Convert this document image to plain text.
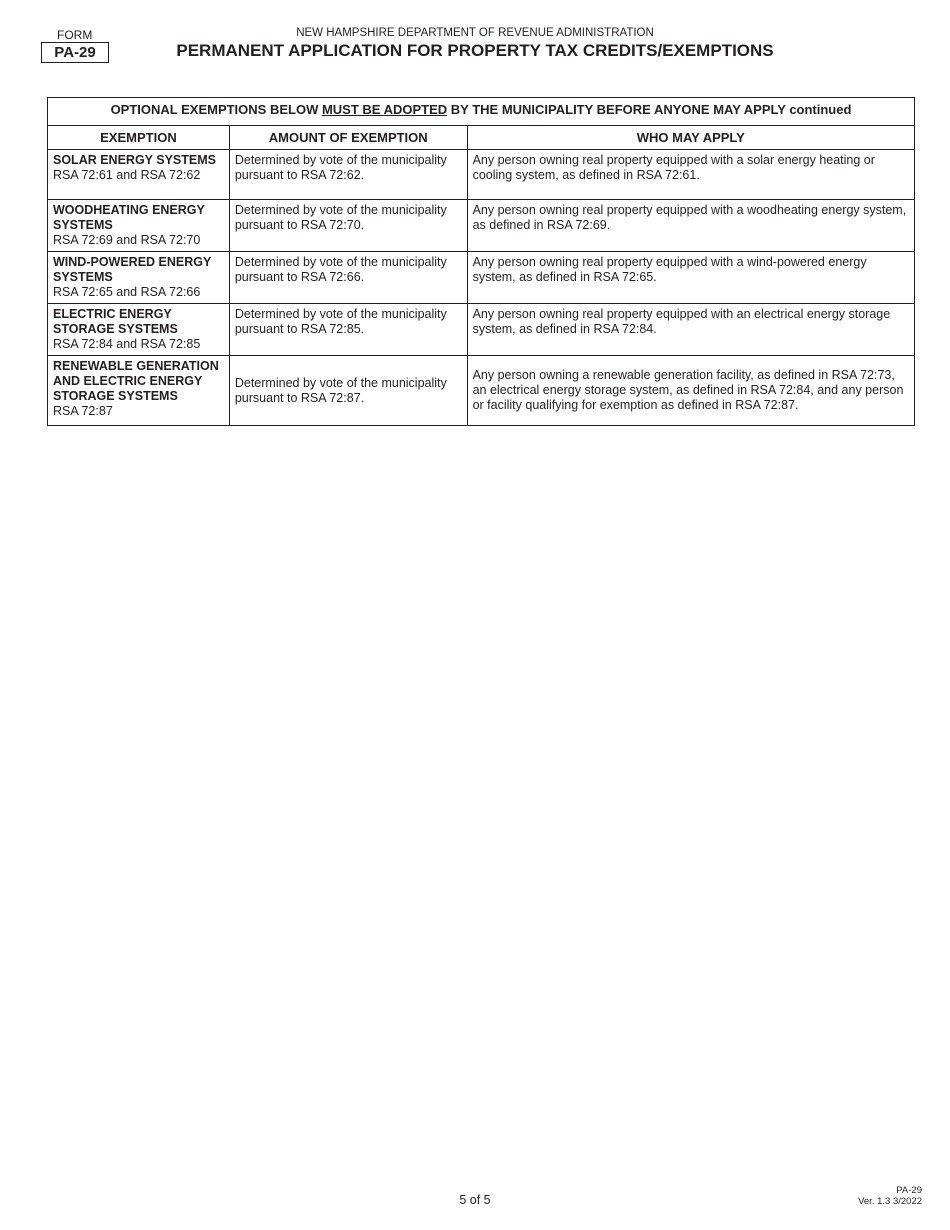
FORM
PA-29
NEW HAMPSHIRE DEPARTMENT OF REVENUE ADMINISTRATION
PERMANENT APPLICATION FOR PROPERTY TAX CREDITS/EXEMPTIONS
OPTIONAL EXEMPTIONS BELOW MUST BE ADOPTED BY THE MUNICIPALITY BEFORE ANYONE MAY APPLY continued		
EXEMPTION	AMOUNT OF EXEMPTION	WHO MAY APPLY

SOLAR ENERGY SYSTEMS
RSA 72:61 and RSA 72:62	Determined by vote of the municipality pursuant to RSA 72:62.	Any person owning real property equipped with a solar energy heating or cooling system, as defined in RSA 72:61.

WOODHEATING ENERGY SYSTEMS
RSA 72:69 and RSA 72:70	Determined by vote of the municipality pursuant to RSA 72:70.	Any person owning real property equipped with a woodheating energy system, as defined in RSA 72:69.

WIND-POWERED ENERGY SYSTEMS
RSA 72:65 and RSA 72:66	Determined by vote of the municipality pursuant to RSA 72:66.	Any person owning real property equipped with a wind-powered energy system, as defined in RSA 72:65.

ELECTRIC ENERGY STORAGE SYSTEMS
RSA 72:84 and RSA 72:85	Determined by vote of the municipality pursuant to RSA 72:85.	Any person owning real property equipped with an electrical energy storage system, as defined in RSA 72:84.

RENEWABLE GENERATION AND ELECTRIC ENERGY STORAGE SYSTEMS
RSA 72:87	Determined by vote of the municipality pursuant to RSA 72:87.	Any person owning a renewable generation facility, as defined in RSA 72:73, an electrical energy storage system, as defined in RSA 72:84, and any person or facility qualifying for exemption as defined in RSA 72:87.
5 of 5
PA-29
Ver. 1.3 3/2022
